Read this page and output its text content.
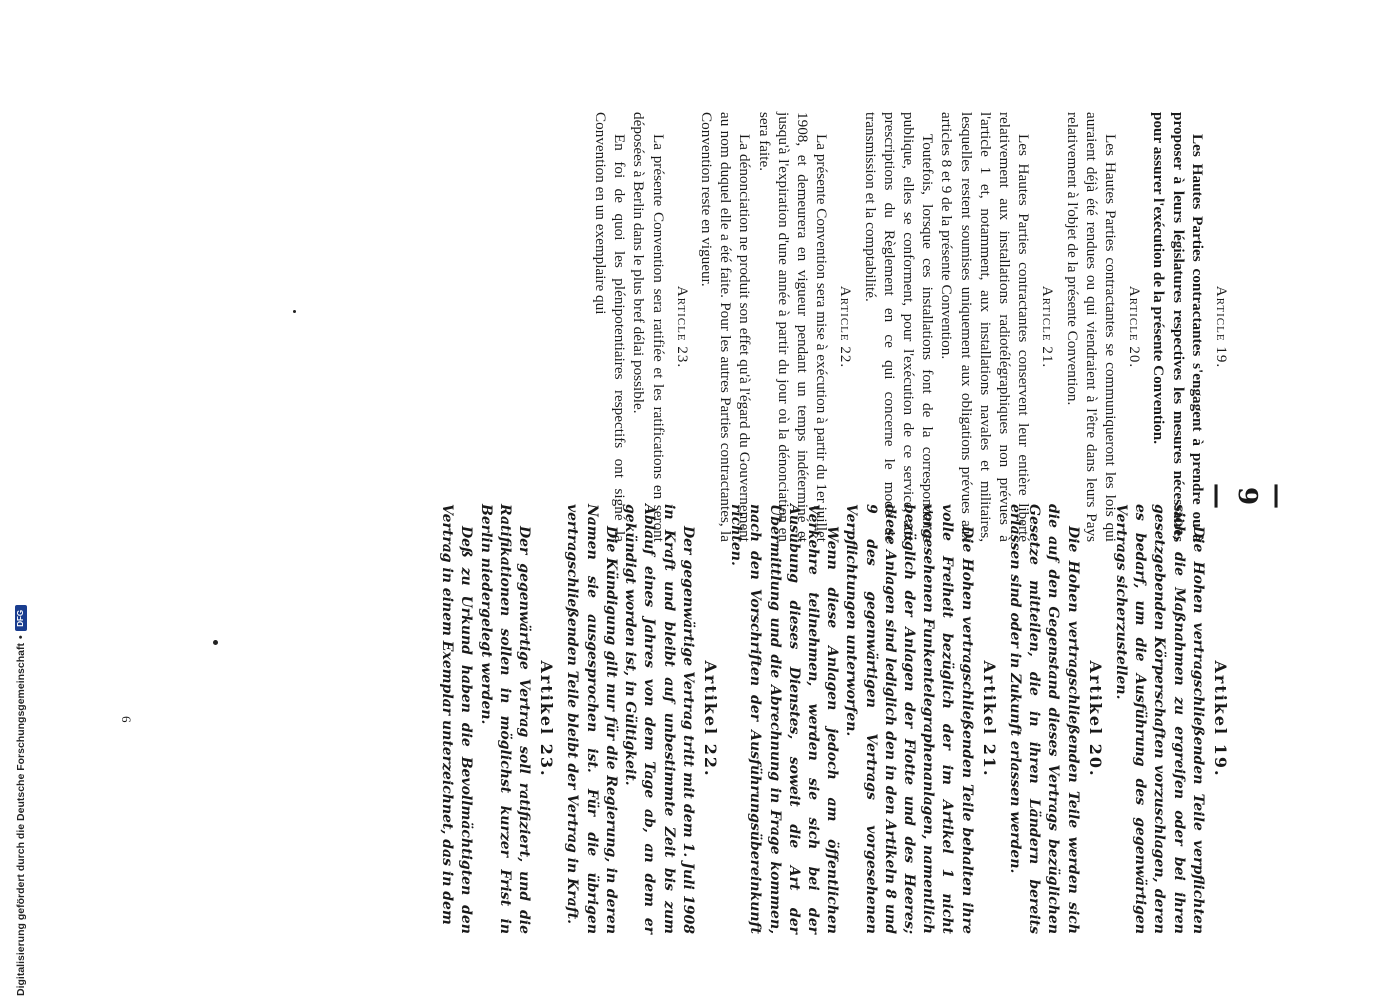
— 9 —
Article 19.

Les Hautes Parties contractantes s'engagent à prendre ou à proposer à leurs législatures respectives les mesures nécessaires pour assurer l'exécution de la présente Convention.

Article 20.

Les Hautes Parties contractantes se communiqueront les lois qui auraient déjà été rendues ou qui viendraient à l'être dans leurs Pays relativement à l'objet de la présente Convention.

Article 21.

Les Hautes Parties contractantes conservent leur entière liberté relativement aux installations radiotélégraphiques non prévues à l'article 1 et, notamment, aux installations navales et militaires, lesquelles restent soumises uniquement aux obligations prévues aux articles 8 et 9 de la présente Convention.

Toutefois, lorsque ces installations font de la correspondance publique, elles se conforment, pour l'exécution de ce service, aux prescriptions du Règlement en ce qui concerne le mode de transmission et la comptabilité.

Article 22.

La présente Convention sera mise à exécution à partir du 1er juillet 1908, et demeurera en vigueur pendant un temps indéterminé et jusqu'à l'expiration d'une année à partir du jour où la dénonciation en sera faite.

La dénonciation ne produit son effet qu'à l'égard du Gouvernement au nom duquel elle a été faite. Pour les autres Parties contractantes, la Convention reste en vigueur.

Article 23.

La présente Convention sera ratifiée et les ratifications en seront déposées à Berlin dans le plus bref délai possible.

En foi de quoi les plénipotentiaires respectifs ont signé la Convention en un exemplaire qui

Artikel 19.

Die Hohen vertragschließenden Teile verpflichten sich, die Maßnahmen zu ergreifen oder bei ihren gesetzgebenden Körperschaften vorzuschlagen, deren es bedarf, um die Ausführung des gegenwärtigen Vertrags sicherzustellen.

Artikel 20.

Die Hohen vertragschließenden Teile werden sich die auf den Gegenstand dieses Vertrags bezüglichen Gesetze mitteilen, die in ihren Ländern bereits erlassen sind oder in Zukunft erlassen werden.

Artikel 21.

Die Hohen vertragschließenden Teile behalten ihre volle Freiheit bezüglich der im Artikel 1 nicht vorgesehenen Funkentelegraphenanlagen, namentlich bezüglich der Anlagen der Flotte und des Heeres; diese Anlagen sind lediglich den in den Artikeln 8 und 9 des gegenwärtigen Vertrags vorgesehenen Verpflichtungen unterworfen.

Wenn diese Anlagen jedoch am öffentlichen Verkehre teilnehmen, werden sie sich bei der Ausübung dieses Dienstes, soweit die Art der Übermittlung und die Abrechnung in Frage kommen, nach den Vorschriften der Ausführungsübereinkunft richten.

Artikel 22.

Der gegenwärtige Vertrag tritt mit dem 1. Juli 1908 in Kraft und bleibt auf unbestimmte Zeit bis zum Ablauf eines Jahres von dem Tage ab, an dem er gekündigt worden ist, in Gültigkeit.

Die Kündigung gilt nur für die Regierung, in deren Namen sie ausgesprochen ist. Für die übrigen vertragschließenden Teile bleibt der Vertrag in Kraft.

Artikel 23.

Der gegenwärtige Vertrag soll ratifiziert, und die Ratifikationen sollen in möglichst kurzer Frist in Berlin niedergelegt werden.

Deß zu Urkund haben die Bevollmächtigten den Vertrag in einem Exemplar unterzeichnet, das in dem

6
Digitalisierung gefördert durch die Deutsche Forschungsgemeinschaft
•
DFG
